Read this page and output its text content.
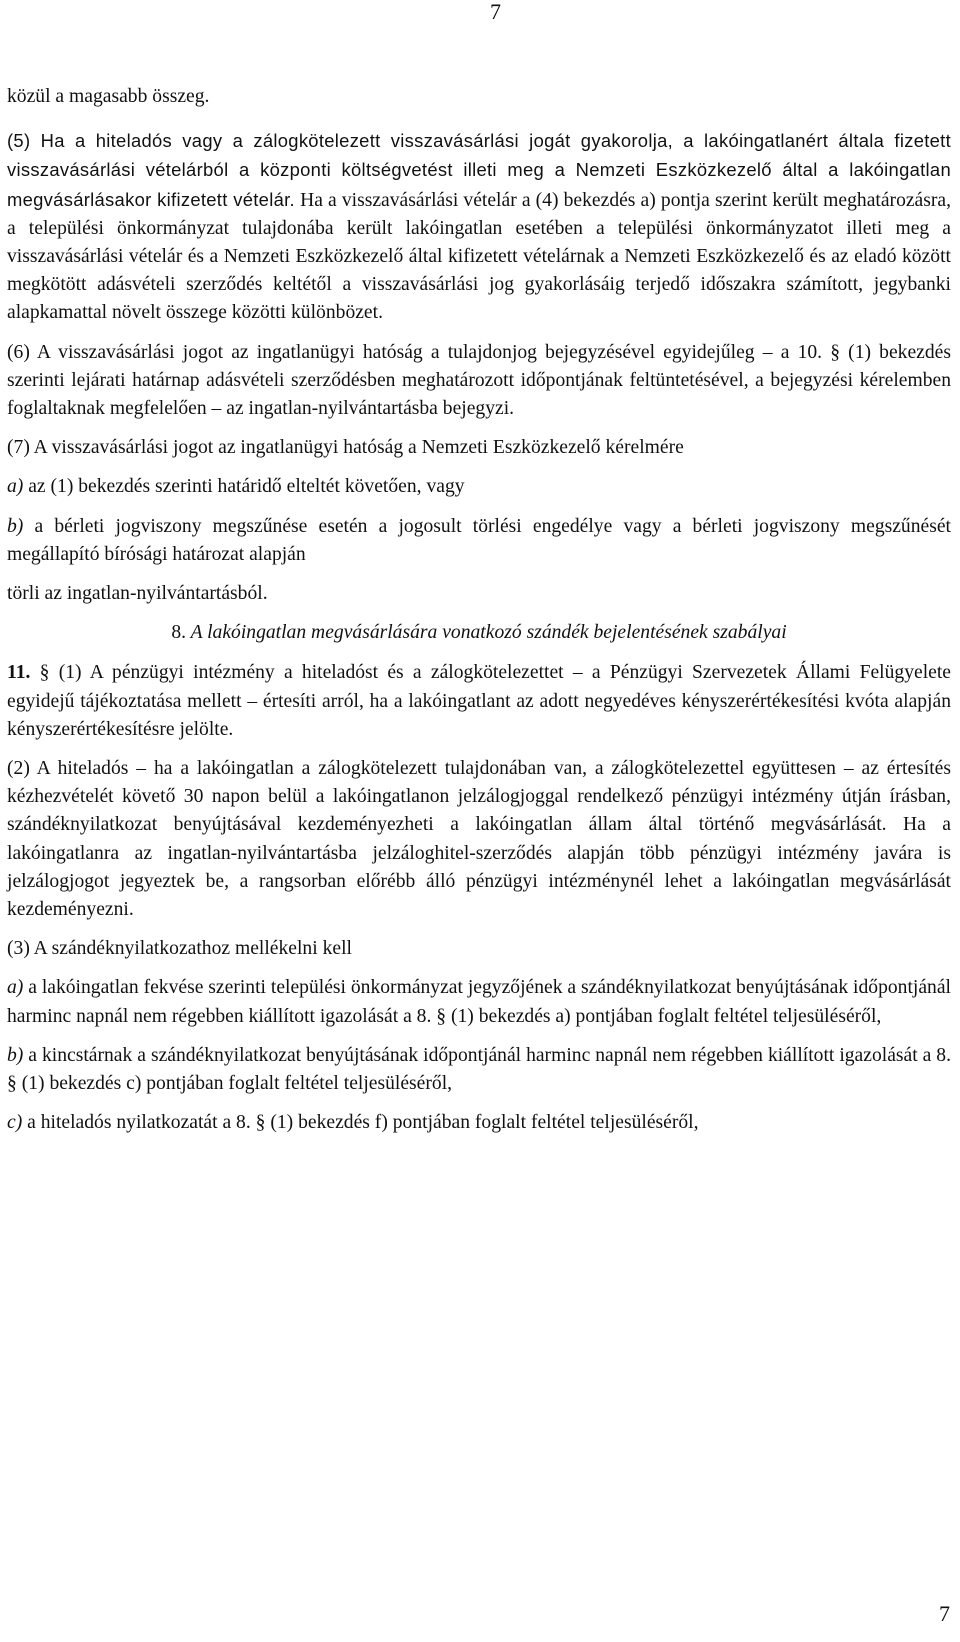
7

közül a magasabb összeg.

(5) Ha a hiteladós vagy a zálogkötelezett visszavásárlási jogát gyakorolja, a lakóingatlanért általa fizetett visszavásárlási vételárból a központi költségvetést illeti meg a Nemzeti Eszközkezelő által a lakóingatlan megvásárlásakor kifizetett vételár. Ha a visszavásárlási vételár a (4) bekezdés a) pontja szerint került meghatározásra, a települési önkormányzat tulajdonába került lakóingatlan esetében a települési önkormányzatot illeti meg a visszavásárlási vételár és a Nemzeti Eszközkezelő által kifizetett vételárnak a Nemzeti Eszközkezelő és az eladó között megkötött adásvételi szerződés keltétől a visszavásárlási jog gyakorlásáig terjedő időszakra számított, jegybanki alapkamattal növelt összege közötti különbözet.

(6) A visszavásárlási jogot az ingatlanügyi hatóság a tulajdonjog bejegyzésével egyidejűleg – a 10. § (1) bekezdés szerinti lejárati határnap adásvételi szerződésben meghatározott időpontjának feltüntetésével, a bejegyzési kérelemben foglaltaknak megfelelően – az ingatlan-nyilvántartásba bejegyzi.

(7) A visszavásárlási jogot az ingatlanügyi hatóság a Nemzeti Eszközkezelő kérelmére

a) az (1) bekezdés szerinti határidő elteltét követően, vagy

b) a bérleti jogviszony megszűnése esetén a jogosult törlési engedélye vagy a bérleti jogviszony megszűnését megállapító bírósági határozat alapján

törli az ingatlan-nyilvántartásból.

8. A lakóingatlan megvásárlására vonatkozó szándék bejelentésének szabályai

11. § (1) A pénzügyi intézmény a hiteladóst és a zálogkötelezettet – a Pénzügyi Szervezetek Állami Felügyelete egyidejű tájékoztatása mellett – értesíti arról, ha a lakóingatlant az adott negyedéves kényszerértékesítési kvóta alapján kényszerértékesítésre jelölte.

(2) A hiteladós – ha a lakóingatlan a zálogkötelezett tulajdonában van, a zálogkötelezettel együttesen – az értesítés kézhezvételét követő 30 napon belül a lakóingatlanon jelzálogjoggal rendelkező pénzügyi intézmény útján írásban, szándéknyilatkozat benyújtásával kezdeményezheti a lakóingatlan állam által történő megvásárlását. Ha a lakóingatlanra az ingatlan-nyilvántartásba jelzáloghitel-szerződés alapján több pénzügyi intézmény javára is jelzálogjogot jegyeztek be, a rangsorban előrébb álló pénzügyi intézménynél lehet a lakóingatlan megvásárlását kezdeményezni.

(3) A szándéknyilatkozathoz mellékelni kell

a) a lakóingatlan fekvése szerinti települési önkormányzat jegyzőjének a szándéknyilatkozat benyújtásának időpontjánál harminc napnál nem régebben kiállított igazolását a 8. § (1) bekezdés a) pontjában foglalt feltétel teljesüléséről,

b) a kincstárnak a szándéknyilatkozat benyújtásának időpontjánál harminc napnál nem régebben kiállított igazolását a 8. § (1) bekezdés c) pontjában foglalt feltétel teljesüléséről,

c) a hiteladós nyilatkozatát a 8. § (1) bekezdés f) pontjában foglalt feltétel teljesüléséről,

7
